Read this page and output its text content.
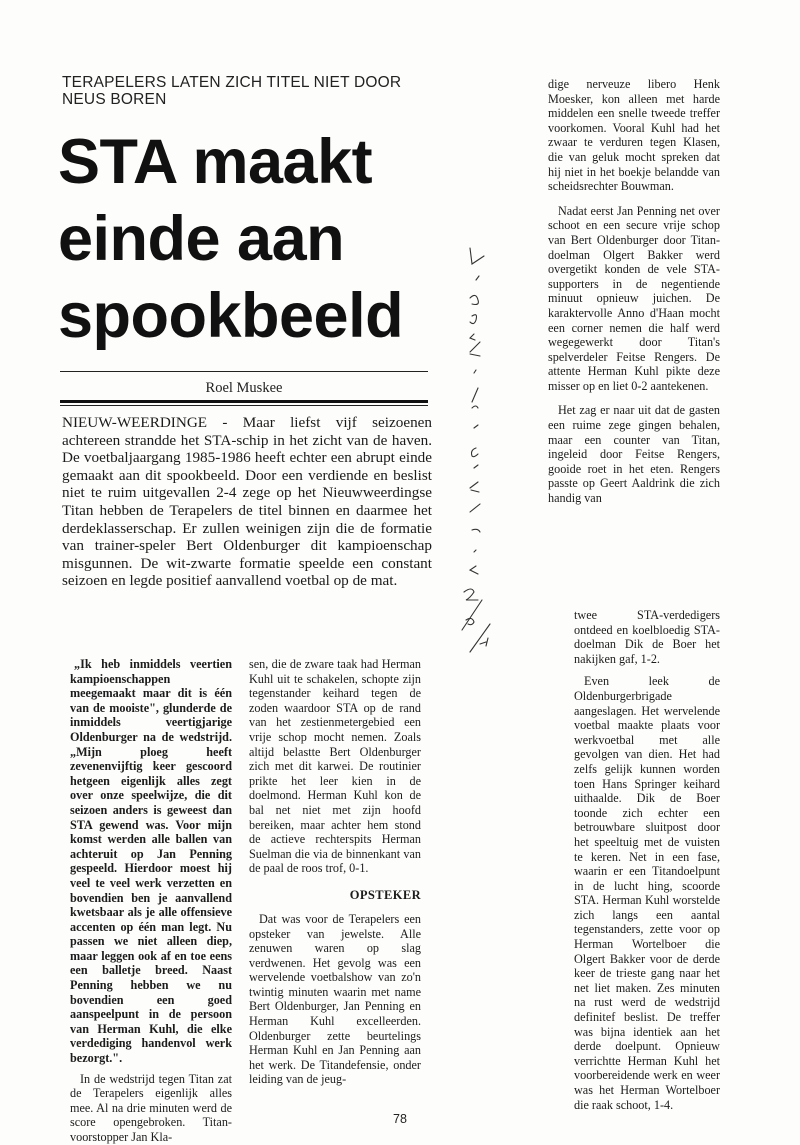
TERAPELERS LATEN ZICH TITEL NIET DOOR NEUS BOREN
STA maakt
einde aan
spookbeeld
Roel Muskee
NIEUW-WEERDINGE - Maar liefst vijf seizoenen achtereen strandde het STA-schip in het zicht van de haven. De voetbaljaargang 1985-1986 heeft echter een abrupt einde gemaakt aan dit spookbeeld. Door een verdiende en beslist niet te ruim uitgevallen 2-4 zege op het Nieuwweerdingse Titan hebben de Terapelers de titel binnen en daarmee het derdeklasserschap. Er zullen weinigen zijn die de formatie van trainer-speler Bert Oldenburger dit kampioenschap misgunnen. De wit-zwarte formatie speelde een constant seizoen en legde positief aanvallend voetbal op de mat.

dige nerveuze libero Henk Moesker, kon alleen met harde middelen een snelle tweede treffer voorkomen. Vooral Kuhl had het zwaar te verduren tegen Klasen, die van geluk mocht spreken dat hij niet in het boekje belandde van scheidsrechter Bouwman.

Nadat eerst Jan Penning net over schoot en een secure vrije schop van Bert Oldenburger door Titan-doelman Olgert Bakker werd overgetikt konden de vele STA-supporters in de negentiende minuut opnieuw juichen. De karaktervolle Anno d'Haan mocht een corner nemen die half werd wegegewerkt door Titan's spelverdeler Feitse Rengers. De attente Herman Kuhl pikte deze misser op en liet 0-2 aantekenen.

Het zag er naar uit dat de gasten een ruime zege gingen behalen, maar een counter van Titan, ingeleid door Feitse Rengers, gooide roet in het eten. Rengers passte op Geert Aaldrink die zich handig van

„Ik heb inmiddels veertien kampioenschappen meegemaakt maar dit is één van de mooiste", glunderde de inmiddels veertigjarige Oldenburger na de wedstrijd. „Mijn ploeg heeft zevenenvijftig keer gescoord hetgeen eigenlijk alles zegt over onze speelwijze, die dit seizoen anders is geweest dan STA gewend was. Voor mijn komst werden alle ballen van achteruit op Jan Penning gespeeld. Hierdoor moest hij veel te veel werk verzetten en bovendien ben je aanvallend kwetsbaar als je alle offensieve accenten op één man legt. Nu passen we niet alleen diep, maar leggen ook af en toe eens een balletje breed. Naast Penning hebben we nu bovendien een goed aanspeelpunt in de persoon van Herman Kuhl, die elke verdediging handenvol werk bezorgt.".

In de wedstrijd tegen Titan zat de Terapelers eigenlijk alles mee. Al na drie minuten werd de score opengebroken. Titan-voorstopper Jan Kla-

sen, die de zware taak had Herman Kuhl uit te schakelen, schopte zijn tegenstander keihard tegen de zoden waardoor STA op de rand van het zestienmetergebied een vrije schop mocht nemen. Zoals altijd belastte Bert Oldenburger zich met dit karwei. De routinier prikte het leer kien in de doelmond. Herman Kuhl kon de bal net niet met zijn hoofd bereiken, maar achter hem stond de actieve rechterspits Herman Suelman die via de binnenkant van de paal de roos trof, 0-1.

OPSTEKER

Dat was voor de Terapelers een opsteker van jewelste. Alle zenuwen waren op slag verdwenen. Het gevolg was een wervelende voetbalshow van zo'n twintig minuten waarin met name Bert Oldenburger, Jan Penning en Herman Kuhl excelleerden. Oldenburger zette beurtelings Herman Kuhl en Jan Penning aan het werk. De Titandefensie, onder leiding van de jeug-

twee STA-verdedigers ontdeed en koelbloedig STA-doelman Dik de Boer het nakijken gaf, 1-2.

Even leek de Oldenburgerbrigade aangeslagen. Het wervelende voetbal maakte plaats voor werkvoetbal met alle gevolgen van dien. Het had zelfs gelijk kunnen worden toen Hans Springer keihard uithaalde. Dik de Boer toonde zich echter een betrouwbare sluitpost door het speeltuig met de vuisten te keren. Net in een fase, waarin er een Titandoelpunt in de lucht hing, scoorde STA. Herman Kuhl worstelde zich langs een aantal tegenstanders, zette voor op Herman Wortelboer die Olgert Bakker voor de derde keer de trieste gang naar het net liet maken. Zes minuten na rust werd de wedstrijd definitef beslist. De treffer was bijna identiek aan het derde doelpunt. Opnieuw verrichtte Herman Kuhl het voorbereidende werk en weer was het Herman Wortelboer die raak schoot, 1-4.

78
